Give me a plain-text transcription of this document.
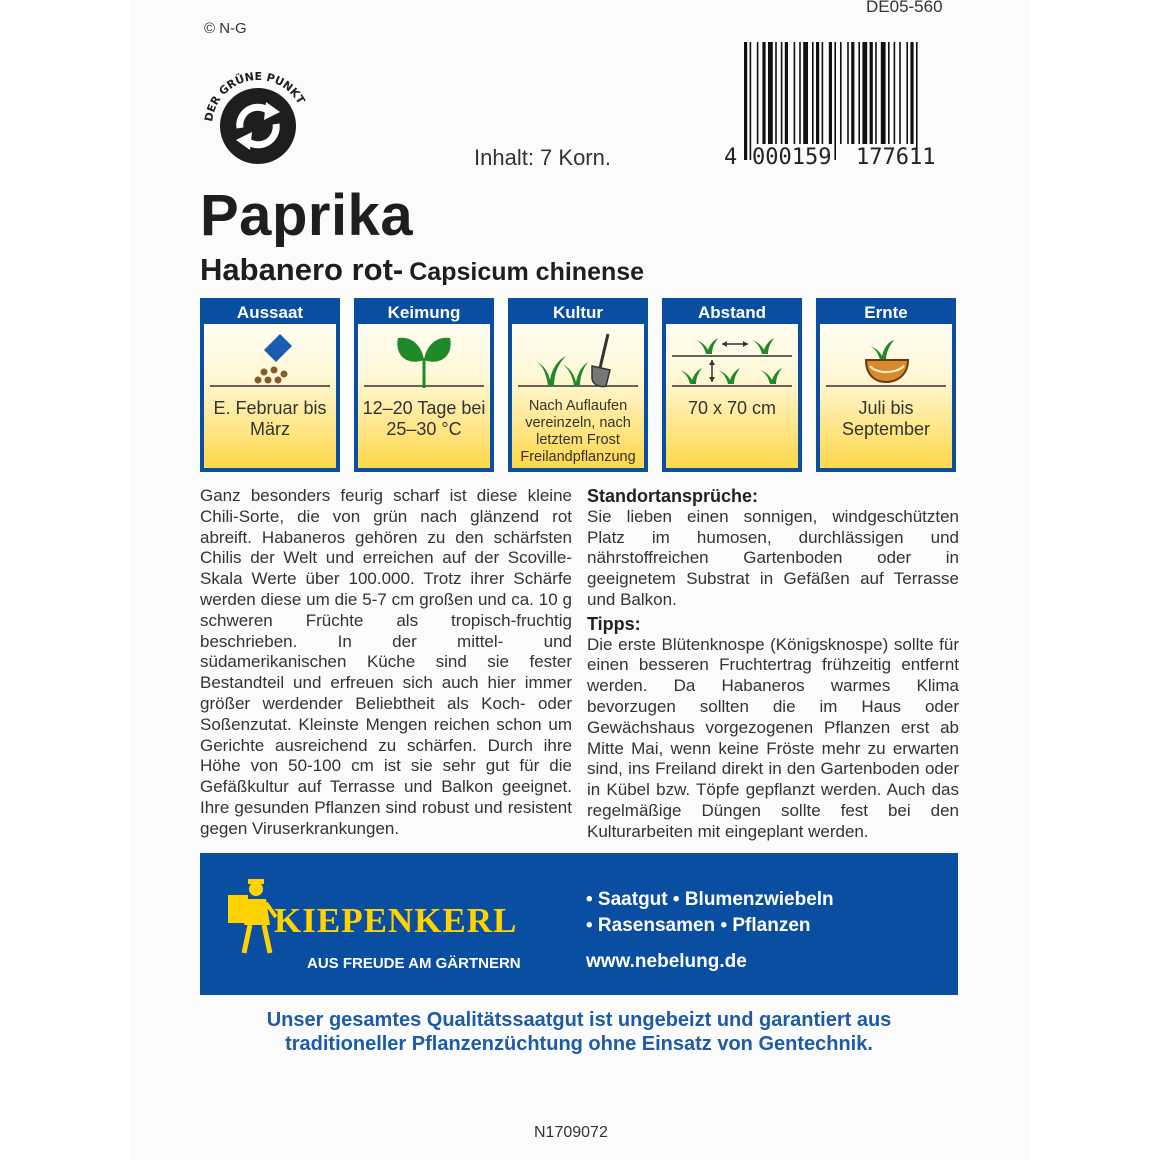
© N-G
DE05-560
DER GRÜNE PUNKT
Inhalt: 7 Korn.	4 000159 177611
Paprika
Habanero rot- Capsicum chinense
Aussaat
E. Februar bis März
Keimung
12–20 Tage bei 25–30 °C
Kultur
Nach Auflaufen vereinzeln, nach letztem Frost Freilandpflanzung
Abstand
70 x 70 cm
Ernte
Juli bis September
Ganz besonders feurig scharf ist diese kleine Chili-Sorte, die von grün nach glänzend rot abreift. Habaneros gehören zu den schärfsten Chilis der Welt und erreichen auf der Scoville-Skala Werte über 100.000. Trotz ihrer Schärfe werden diese um die 5-7 cm großen und ca. 10 g schweren Früchte als tropisch-fruchtig beschrieben. In der mittel- und südamerikanischen Küche sind sie fester Bestandteil und erfreuen sich auch hier immer größer werdender Beliebtheit als Koch- oder Soßenzutat. Kleinste Mengen reichen schon um Gerichte ausreichend zu schärfen. Durch ihre Höhe von 50-100 cm ist sie sehr gut für die Gefäßkultur auf Terrasse und Balkon geeignet. Ihre gesunden Pflanzen sind robust und resistent gegen Viruserkrankungen.
Standortansprüche:

Sie lieben einen sonnigen, windgeschützten Platz im humosen, durchlässigen und nährstoffreichen Gartenboden oder in geeignetem Substrat in Gefäßen auf Terrasse und Balkon.

Tipps:

Die erste Blütenknospe (Königsknospe) sollte für einen besseren Fruchtertrag frühzeitig entfernt werden. Da Habaneros warmes Klima bevorzugen sollten die im Haus oder Gewächshaus vorgezogenen Pflanzen erst ab Mitte Mai, wenn keine Fröste mehr zu erwarten sind, ins Freiland direkt in den Gartenboden oder in Kübel bzw. Töpfe gepflanzt werden. Auch das regelmäßige Düngen sollte fest bei den Kulturarbeiten mit eingeplant werden.

KIEPENKERL
AUS FREUDE AM GÄRTNERN
• Saatgut • Blumenzwiebeln
• Rasensamen • Pflanzen
www.nebelung.de
Unser gesamtes Qualitätssaatgut ist ungebeizt und garantiert aus
traditioneller Pflanzenzüchtung ohne Einsatz von Gentechnik.
N1709072
